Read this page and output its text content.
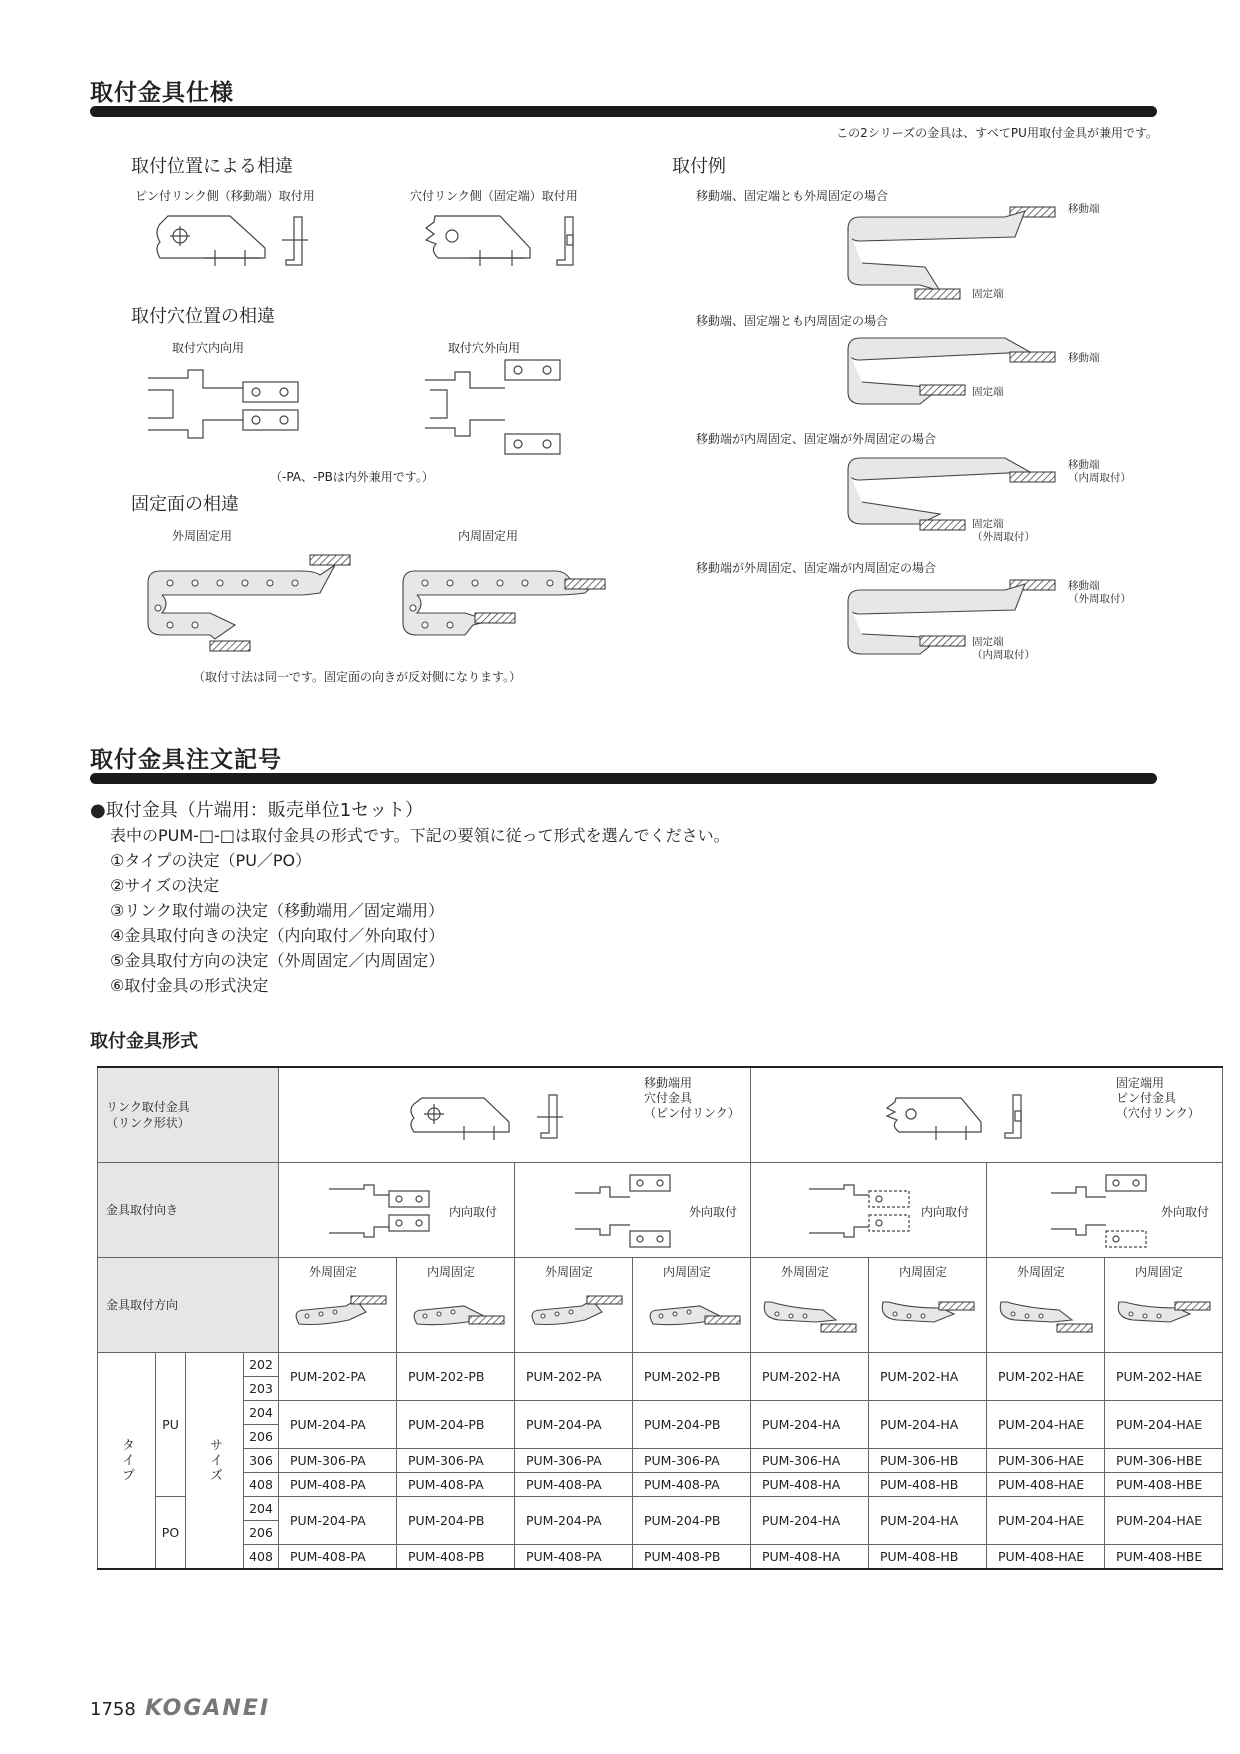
取付金具仕様
この2シリーズの金具は、すべてPU用取付金具が兼用です。
取付位置による相違
ピン付リンク側（移動端）取付用	穴付リンク側（固定端）取付用
取付穴位置の相違
取付穴内向用	取付穴外向用
（-PA、-PBは内外兼用です。）
固定面の相違
外周固定用	内周固定用
（取付寸法は同一です。固定面の向きが反対側になります。）
取付例
移動端、固定端とも外周固定の場合
移動端
固定端
移動端、固定端とも内周固定の場合
移動端
固定端
移動端が内周固定、固定端が外周固定の場合
移動端
（内周取付）
固定端
（外周取付）
移動端が外周固定、固定端が内周固定の場合
移動端
（外周取付）
固定端
（内周取付）
取付金具注文記号
●取付金具（片端用：販売単位1セット）
表中のPUM-□-□は取付金具の形式です。下記の要領に従って形式を選んでください。
①タイプの決定（PU／PO）
②サイズの決定
③リンク取付端の決定（移動端用／固定端用）
④金具取付向きの決定（内向取付／外向取付）
⑤金具取付方向の決定（外周固定／内周固定）
⑥取付金具の形式決定
取付金具形式
リンク取付金具
（リンク形状）				移動端用
穴付金具
（ピン付リンク）				固定端用
ピン付金具
（穴付リンク）			

金具取付向き				内向取付		外向取付		内向取付		外向取付	

金具取付方向				外周固定	内周固定	外周固定	内周固定	外周固定	内周固定	外周固定	内周固定

タイプ	PU	サイズ	202	PUM-202-PA	PUM-202-PB	PUM-202-PA	PUM-202-PB	PUM-202-HA	PUM-202-HA	PUM-202-HAE	PUM-202-HAE
			203								
			204	PUM-204-PA	PUM-204-PB	PUM-204-PA	PUM-204-PB	PUM-204-HA	PUM-204-HA	PUM-204-HAE	PUM-204-HAE
			206								
			306	PUM-306-PA	PUM-306-PA	PUM-306-PA	PUM-306-PA	PUM-306-HA	PUM-306-HB	PUM-306-HAE	PUM-306-HBE
			408	PUM-408-PA	PUM-408-PA	PUM-408-PA	PUM-408-PA	PUM-408-HA	PUM-408-HB	PUM-408-HAE	PUM-408-HBE
	PO		204	PUM-204-PA	PUM-204-PB	PUM-204-PA	PUM-204-PB	PUM-204-HA	PUM-204-HA	PUM-204-HAE	PUM-204-HAE
			206								
			408	PUM-408-PA	PUM-408-PB	PUM-408-PA	PUM-408-PB	PUM-408-HA	PUM-408-HB	PUM-408-HAE	PUM-408-HBE
1758 KOGANEI
